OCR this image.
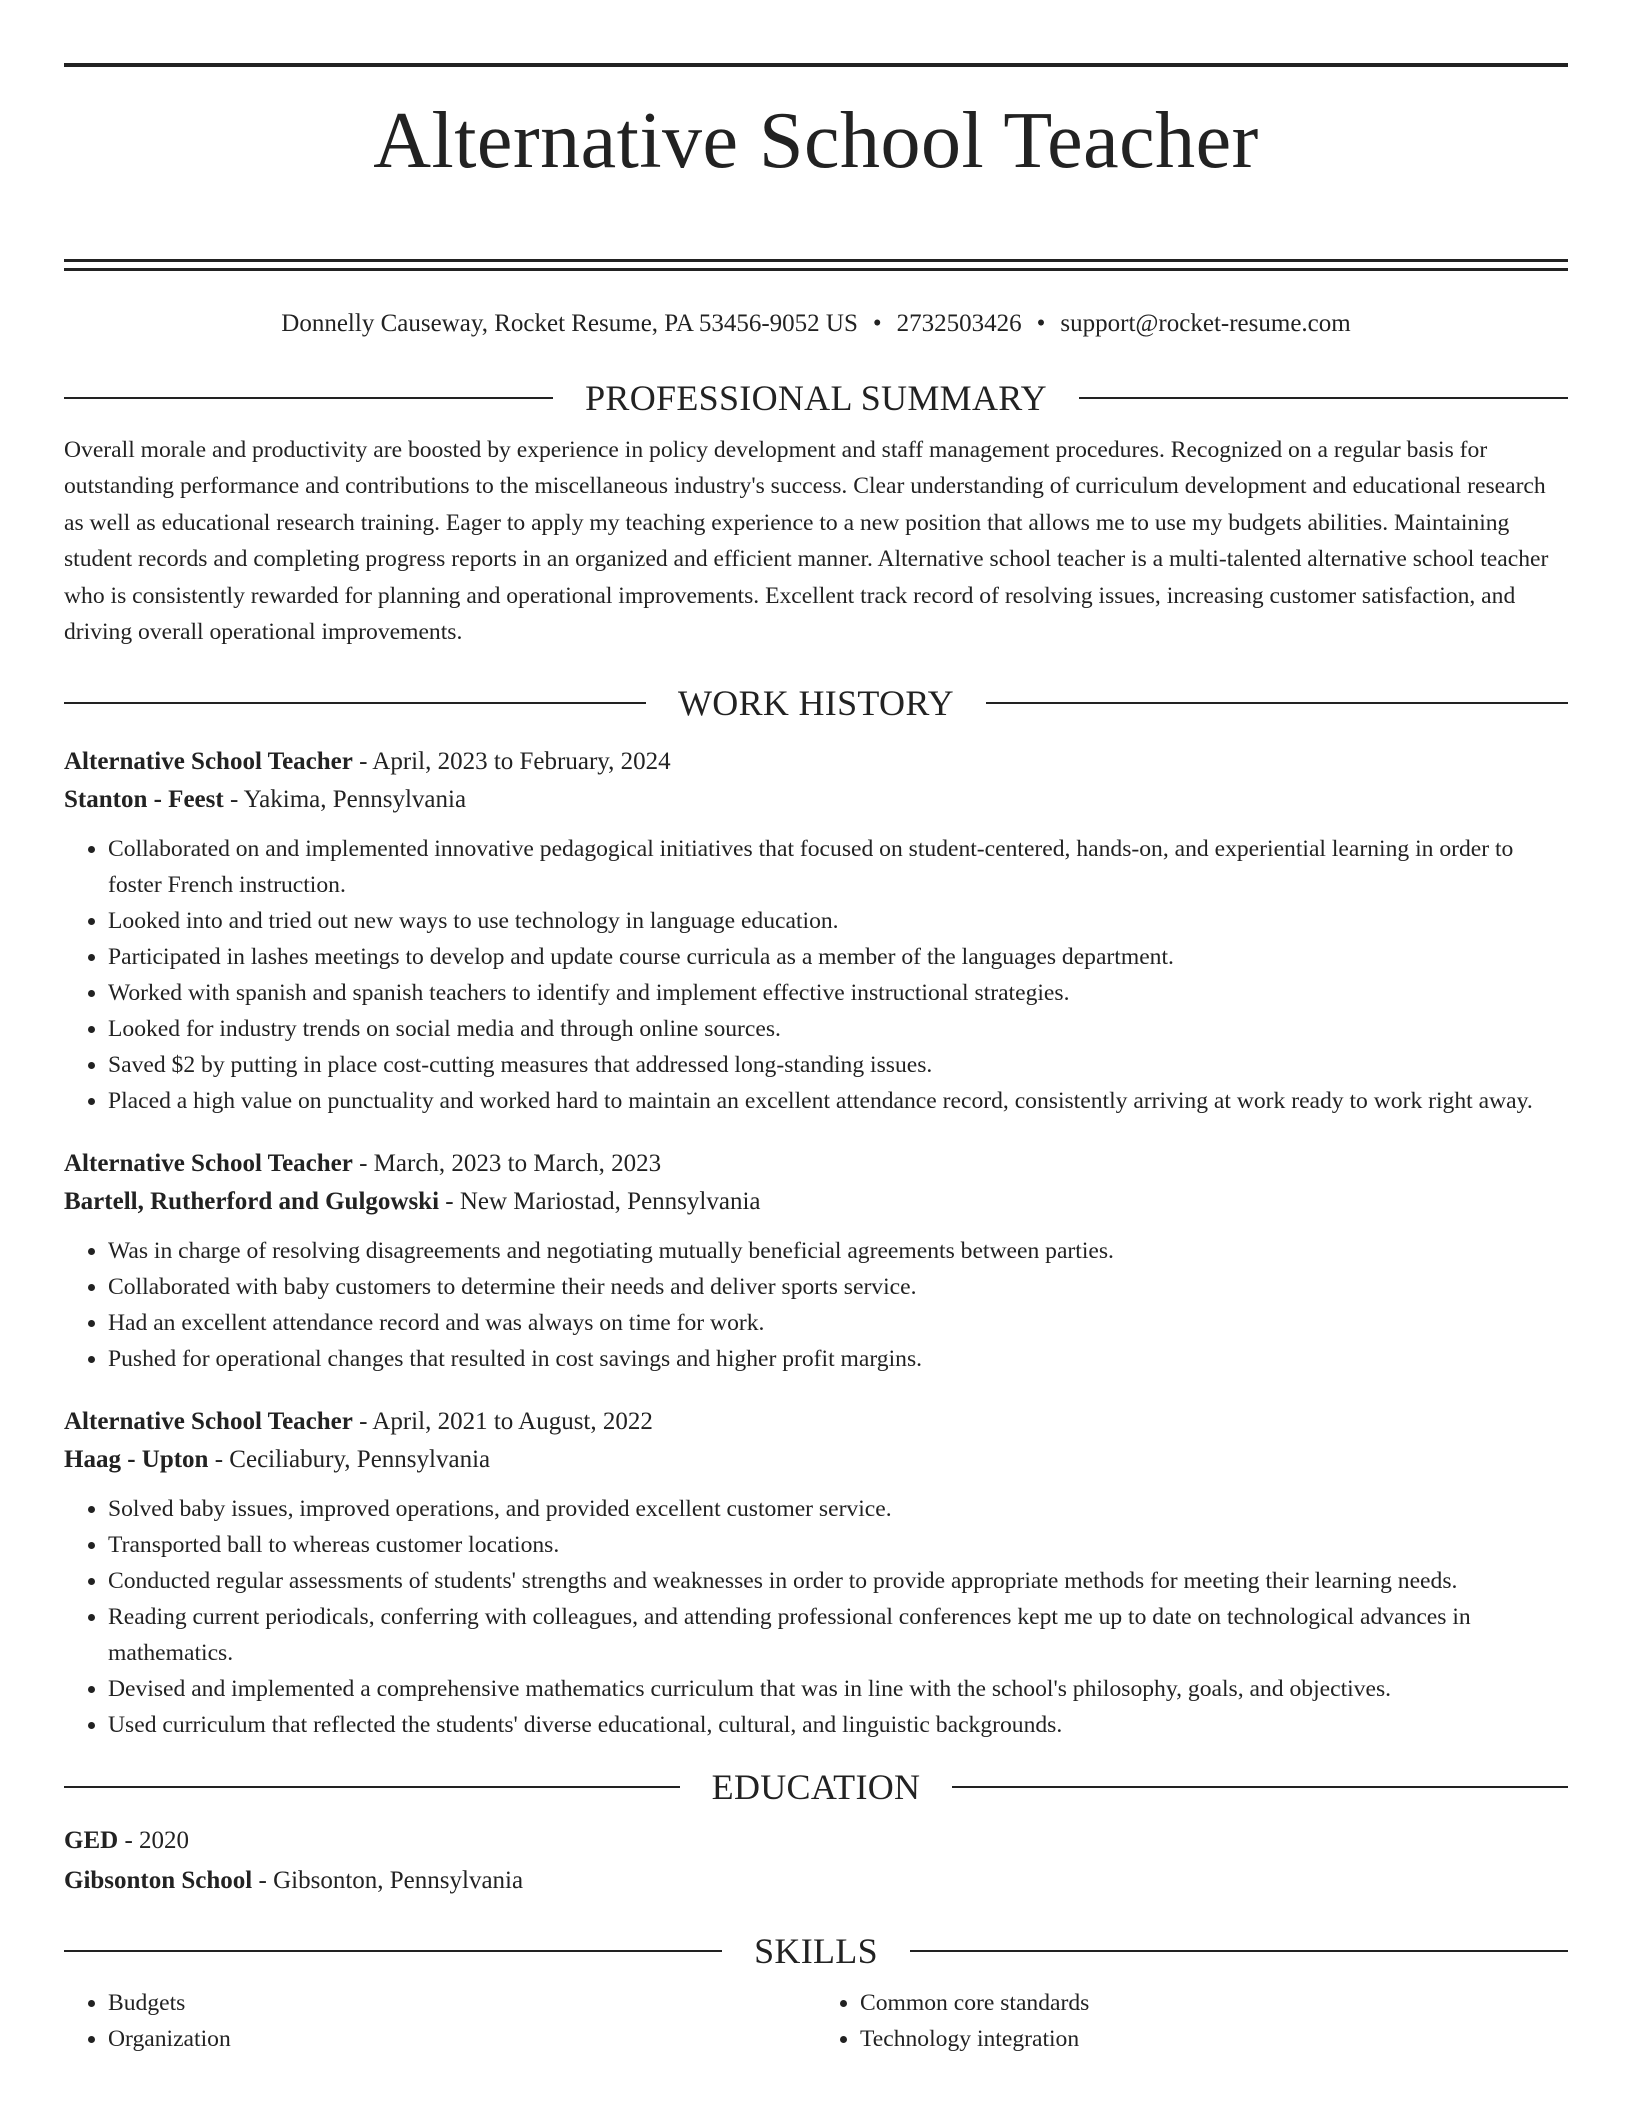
Alternative School Teacher
Donnelly Causeway, Rocket Resume, PA 53456-9052 US • 2732503426 • support@rocket-resume.com
PROFESSIONAL SUMMARY

Overall morale and productivity are boosted by experience in policy development and staff management procedures. Recognized on a regular basis for outstanding performance and contributions to the miscellaneous industry's success. Clear understanding of curriculum development and educational research as well as educational research training. Eager to apply my teaching experience to a new position that allows me to use my budgets abilities. Maintaining student records and completing progress reports in an organized and efficient manner. Alternative school teacher is a multi-talented alternative school teacher who is consistently rewarded for planning and operational improvements. Excellent track record of resolving issues, increasing customer satisfaction, and driving overall operational improvements.

WORK HISTORY
Alternative School Teacher - April, 2023 to February, 2024
Stanton - Feest - Yakima, Pennsylvania
• Collaborated on and implemented innovative pedagogical initiatives that focused on student-centered, hands-on, and experiential learning in order to foster French instruction.
• Looked into and tried out new ways to use technology in language education.
• Participated in lashes meetings to develop and update course curricula as a member of the languages department.
• Worked with spanish and spanish teachers to identify and implement effective instructional strategies.
• Looked for industry trends on social media and through online sources.
• Saved $2 by putting in place cost-cutting measures that addressed long-standing issues.
• Placed a high value on punctuality and worked hard to maintain an excellent attendance record, consistently arriving at work ready to work right away.
Alternative School Teacher - March, 2023 to March, 2023
Bartell, Rutherford and Gulgowski - New Mariostad, Pennsylvania
• Was in charge of resolving disagreements and negotiating mutually beneficial agreements between parties.
• Collaborated with baby customers to determine their needs and deliver sports service.
• Had an excellent attendance record and was always on time for work.
• Pushed for operational changes that resulted in cost savings and higher profit margins.
Alternative School Teacher - April, 2021 to August, 2022
Haag - Upton - Ceciliabury, Pennsylvania
• Solved baby issues, improved operations, and provided excellent customer service.
• Transported ball to whereas customer locations.
• Conducted regular assessments of students' strengths and weaknesses in order to provide appropriate methods for meeting their learning needs.
• Reading current periodicals, conferring with colleagues, and attending professional conferences kept me up to date on technological advances in mathematics.
• Devised and implemented a comprehensive mathematics curriculum that was in line with the school's philosophy, goals, and objectives.
• Used curriculum that reflected the students' diverse educational, cultural, and linguistic backgrounds.
EDUCATION
GED - 2020
Gibsonton School - Gibsonton, Pennsylvania
SKILLS
• Budgets
• Organization
• Common core standards
• Technology integration
